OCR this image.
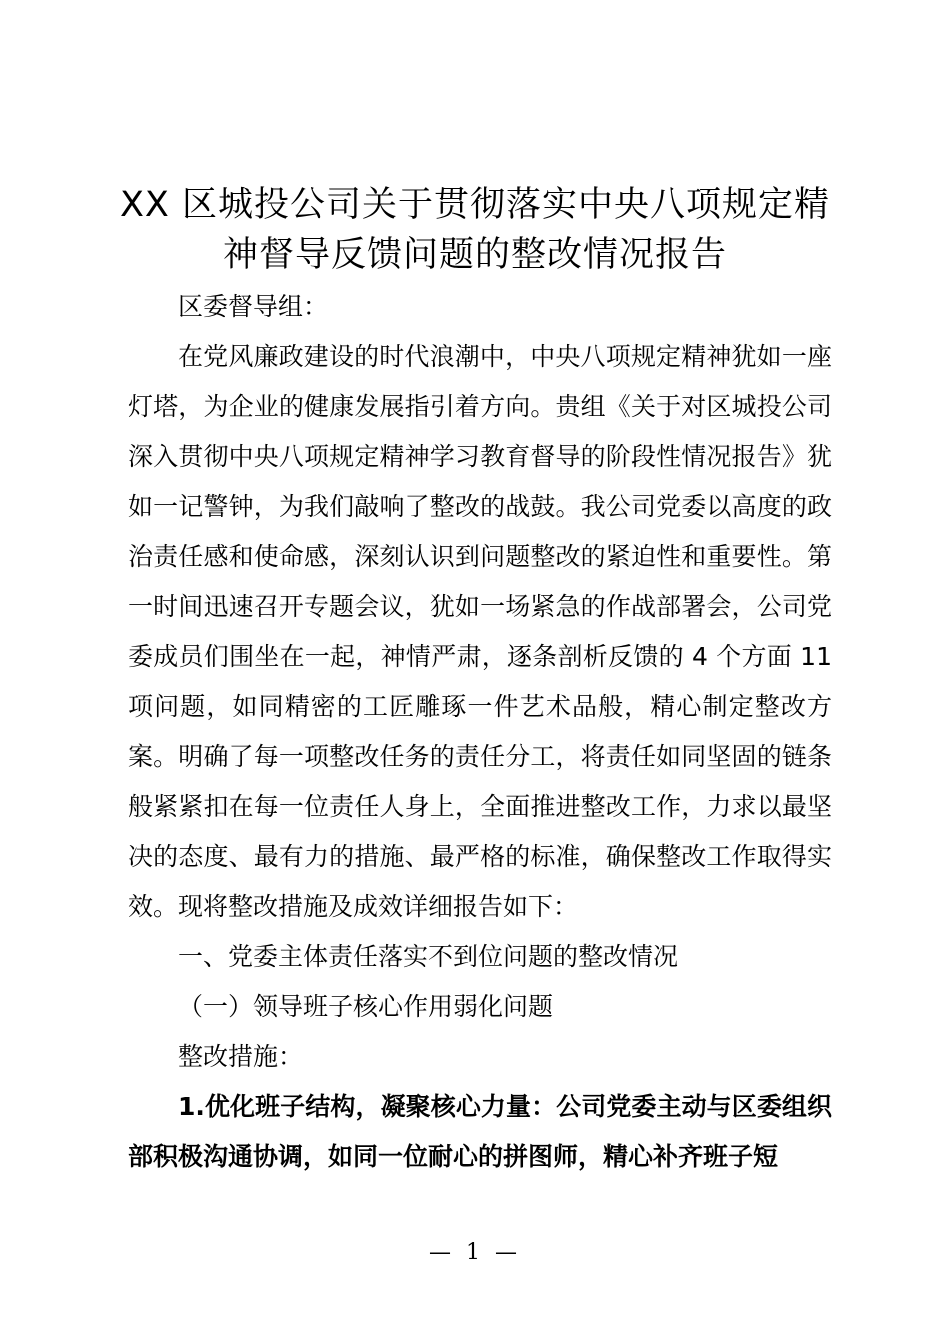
XX 区城投公司关于贯彻落实中央八项规定精
神督导反馈问题的整改情况报告

区委督导组：

在党风廉政建设的时代浪潮中，中央八项规定精神犹如一座灯塔，为企业的健康发展指引着方向。贵组《关于对区城投公司深入贯彻中央八项规定精神学习教育督导的阶段性情况报告》犹如一记警钟，为我们敲响了整改的战鼓。我公司党委以高度的政治责任感和使命感，深刻认识到问题整改的紧迫性和重要性。第一时间迅速召开专题会议，犹如一场紧急的作战部署会，公司党委成员们围坐在一起，神情严肃，逐条剖析反馈的 4 个方面 11 项问题，如同精密的工匠雕琢一件艺术品般，精心制定整改方案。明确了每一项整改任务的责任分工，将责任如同坚固的链条般紧紧扣在每一位责任人身上，全面推进整改工作，力求以最坚决的态度、最有力的措施、最严格的标准，确保整改工作取得实效。现将整改措施及成效详细报告如下：

一、党委主体责任落实不到位问题的整改情况

（一）领导班子核心作用弱化问题

整改措施：

1.优化班子结构，凝聚核心力量：公司党委主动与区委组织部积极沟通协调，如同一位耐心的拼图师，精心补齐班子短

— 1 —
